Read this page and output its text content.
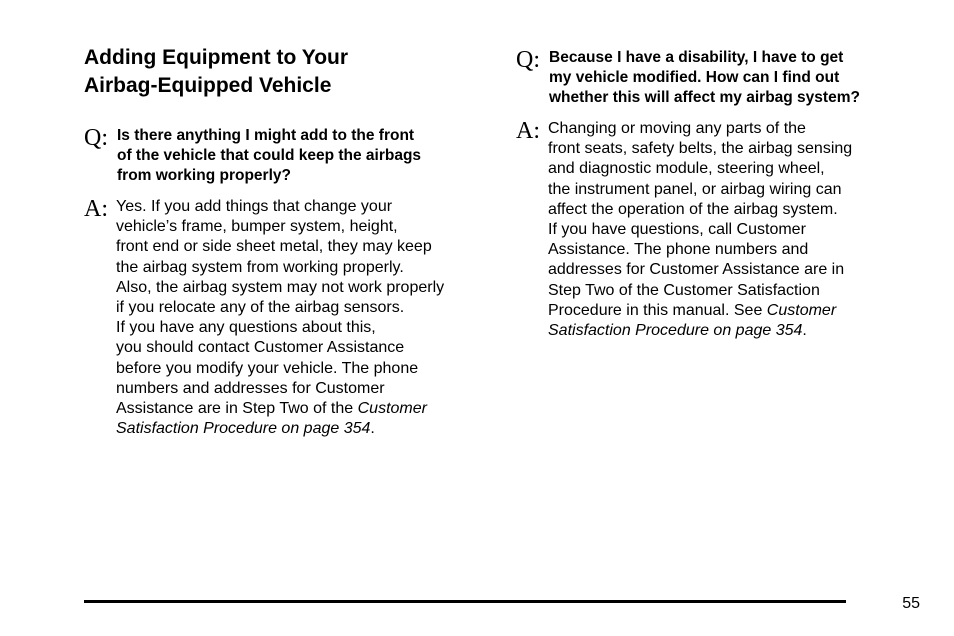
Adding Equipment to Your
Airbag-Equipped Vehicle
Q: Is there anything I might add to the front
of the vehicle that could keep the airbags
from working properly?
A: Yes. If you add things that change your
vehicle’s frame, bumper system, height,
front end or side sheet metal, they may keep
the airbag system from working properly.
Also, the airbag system may not work properly
if you relocate any of the airbag sensors.
If you have any questions about this,
you should contact Customer Assistance
before you modify your vehicle. The phone
numbers and addresses for Customer
Assistance are in Step Two of the Customer
Satisfaction Procedure on page 354.
Q: Because I have a disability, I have to get
my vehicle modified. How can I find out
whether this will affect my airbag system?
A: Changing or moving any parts of the
front seats, safety belts, the airbag sensing
and diagnostic module, steering wheel,
the instrument panel, or airbag wiring can
affect the operation of the airbag system.
If you have questions, call Customer
Assistance. The phone numbers and
addresses for Customer Assistance are in
Step Two of the Customer Satisfaction
Procedure in this manual. See Customer
Satisfaction Procedure on page 354.
55
